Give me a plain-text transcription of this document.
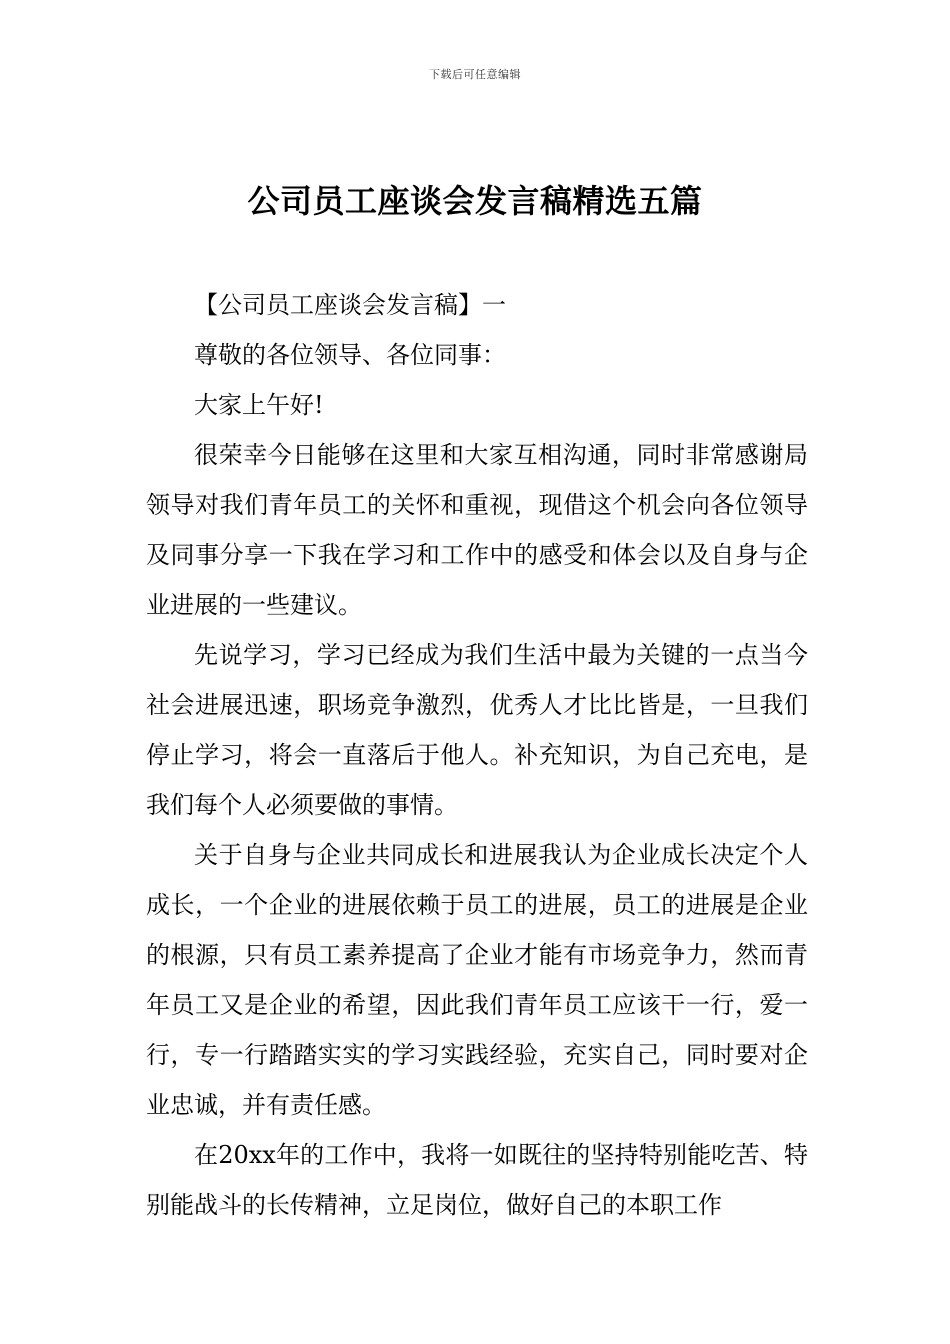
下载后可任意编辑
公司员工座谈会发言稿精选五篇

【公司员工座谈会发言稿】一

尊敬的各位领导、各位同事：

大家上午好!

很荣幸今日能够在这里和大家互相沟通，同时非常感谢局领导对我们青年员工的关怀和重视，现借这个机会向各位领导及同事分享一下我在学习和工作中的感受和体会以及自身与企业进展的一些建议。

先说学习，学习已经成为我们生活中最为关键的一点当今社会进展迅速，职场竞争激烈，优秀人才比比皆是，一旦我们停止学习，将会一直落后于他人。补充知识，为自己充电，是我们每个人必须要做的事情。

关于自身与企业共同成长和进展我认为企业成长决定个人成长，一个企业的进展依赖于员工的进展，员工的进展是企业的根源，只有员工素养提高了企业才能有市场竞争力，然而青年员工又是企业的希望，因此我们青年员工应该干一行，爱一行，专一行踏踏实实的学习实践经验，充实自己，同时要对企业忠诚，并有责任感。

在20xx年的工作中，我将一如既往的坚持特别能吃苦、特别能战斗的长传精神，立足岗位，做好自己的本职工作
